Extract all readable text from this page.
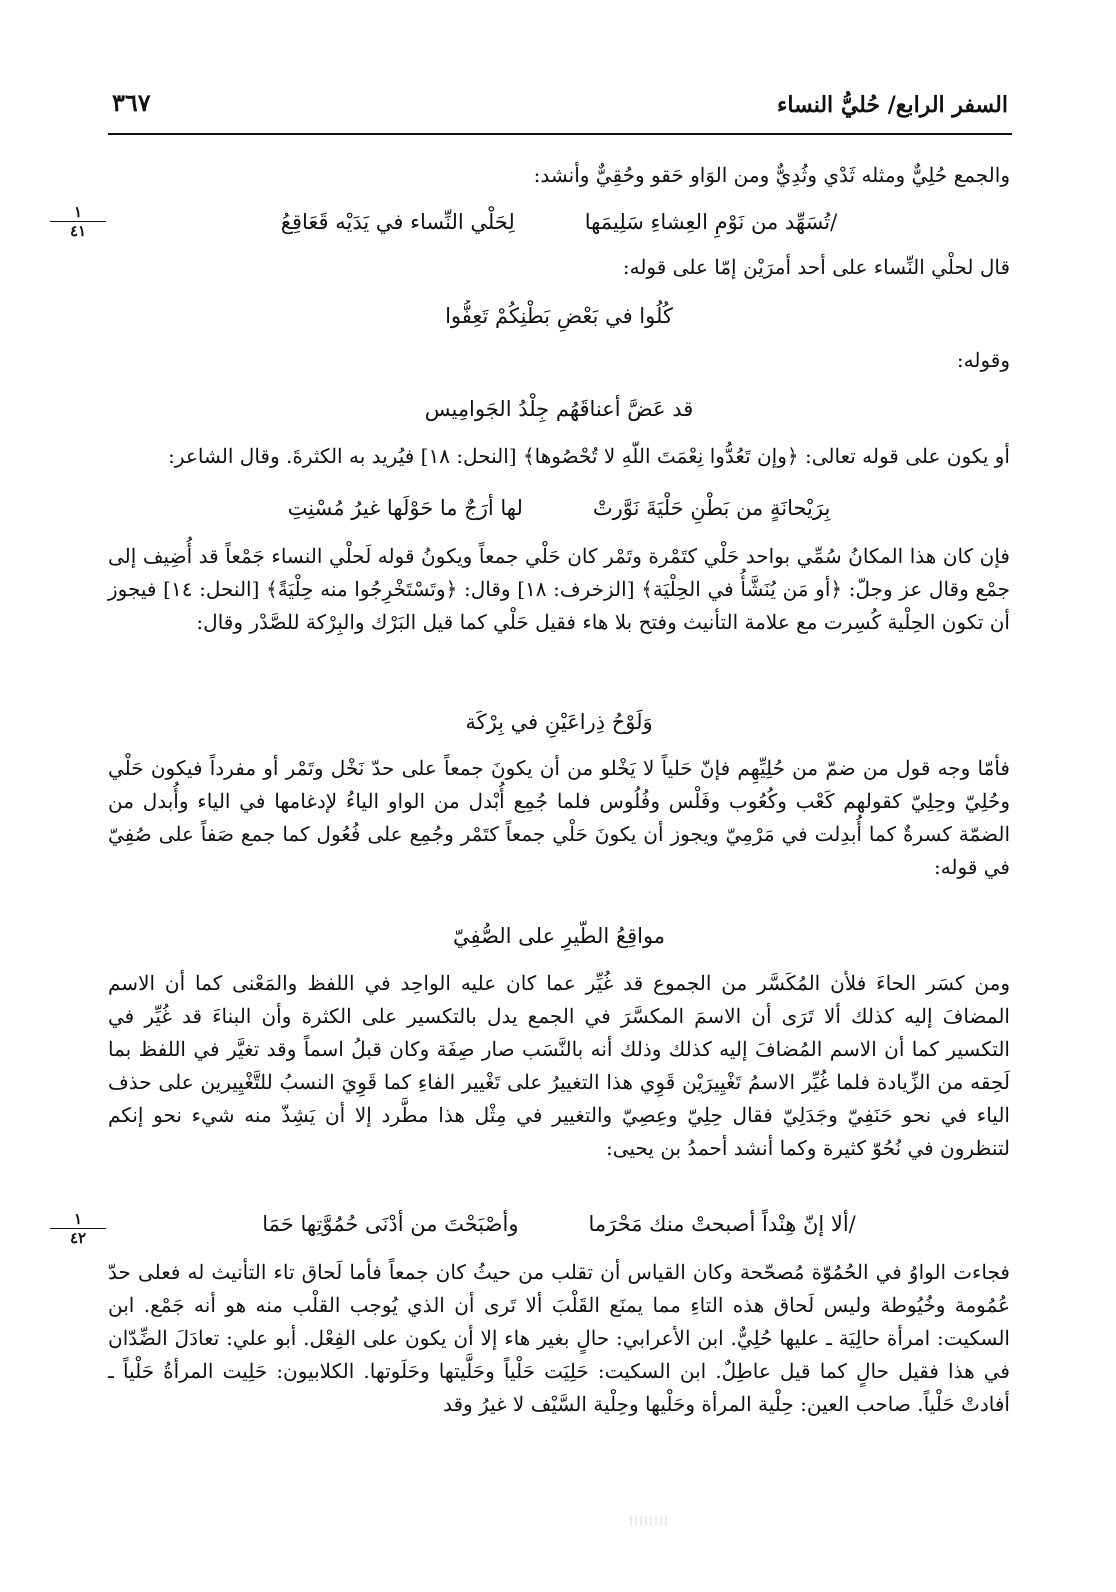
السفر الرابع/ حُليُّ النساء
٣٦٧
١
٤١
١
٤٢
والجمع حُلِيٌّ ومثله ثَدْي وثُدِيٌّ ومن الوَاو حَقو وحُقِيٌّ وأنشد:
/تُسَهِّد من نَوْمِ العِشاءِ سَلِيمَها
لِحَلْي النِّساء في يَدَيْه قَعَاقِعُ
قال لحلْي النِّساء على أحد أمرَيْن إمّا على قوله:
كُلُوا في بَعْضِ بَطْنِكُمْ تَعِفُّوا
وقوله:
قد عَضَّ أعناقَهُم جِلْدُ الجَوامِيس
أو يكون على قوله تعالى: ﴿وإن تَعُدُّوا نِعْمَتَ اللَّهِ لا تُحْصُوها﴾ [النحل: ١٨] فيُريد به الكثرةَ. وقال الشاعر:
بِرَيْحانَةٍ من بَطْنِ حَلْيَةَ نَوَّرتْ
لها أرَجٌ ما حَوْلَها غيرُ مُسْنِتِ
فإن كان هذا المكانُ سُمِّي بواحد حَلْي كتَمْرة وتَمْر كان حَلْي جمعاً ويكونُ قوله لَحلْي النساء جَمْعاً قد أُضِيف إلى جمْع وقال عز وجلّ: ﴿أو مَن يُنَشَّأُ في الحِلْيَة﴾ [الزخرف: ١٨] وقال: ﴿وتَسْتَخْرِجُوا منه حِلْيَةً﴾ [النحل: ١٤] فيجوز أن تكون الحِلْية كُسِرت مع علامة التأنيث وفتح بلا هاء فقيل حَلْي كما قيل البَرْك والبِرْكة للصَّدْر وقال:
وَلَوْحُ ذِراعَيْنِ في بِرْكَة
فأمّا وجه قول من ضمّ من حُلِيِّهِم فإنّ حَلياً لا يَخْلو من أن يكونَ جمعاً على حدّ نَخْل وتَمْر أو مفرداً فيكون حَلْي وحُلِيّ وحِلِيّ كقولهم كَعْب وكُعُوب وفَلْس وفُلُوس فلما جُمِع أُبْدل من الواو الياءُ لإدغامها في الياء وأُبدل من الضمّة كسرةٌ كما أُبدِلت في مَرْمِيّ ويجوز أن يكونَ حَلْي جمعاً كتَمْر وجُمِع على فُعُول كما جمع صَفاً على صُفِيّ في قوله:
مواقِعُ الطَّيرِ على الصُّفِيّ
ومن كسَر الحاءَ فلأن المُكَسَّر من الجموع قد غُيِّر عما كان عليه الواحِد في اللفظ والمَعْنى كما أن الاسم المضافَ إليه كذلك ألا تَرَى أن الاسمَ المكسَّرَ في الجمع يدل بالتكسير على الكثرة وأن البناءَ قد غُيِّر في التكسير كما أن الاسم المُضافَ إليه كذلك وذلك أنه بالنَّسَب صار صِفَة وكان قبلُ اسماً وقد تغيَّر في اللفظ بما لَحِقه من الزِّيادة فلما غُيِّر الاسمُ تَغْيِيرَيْن قَوِي هذا التغييرُ على تَغْيير الفاءِ كما قَوِيَ النسبُ للتَّغْيِيرين على حذف الياء في نحو حَنَفِيّ وجَدَلِيّ فقال حِلِيّ وعِصِيّ والتغيير في مِثْل هذا مطَّرد إلا أن يَشِذّ منه شيء نحو إنكم لتنظرون في نُحُوّ كثيرة وكما أنشد أحمدُ بن يحيى:
/ألا إنّ هِنْداً أصبحتْ منك مَحْرَما
وأصْبَحْتَ من أدْنَى حُمُوَّتِها حَمَا
فجاءت الواوُ في الحُمُوّة مُصحّحة وكان القياس أن تقلب من حيثُ كان جمعاً فأما لَحاق تاء التأنيث له فعلى حدّ عُمُومة وخُيُوطة وليس لَحاق هذه التاءِ مما يمنَع القَلْبَ ألا تَرى أن الذي يُوجب القلْب منه هو أنه جَمْع. ابن السكيت: امرأة حالِيَة ـ عليها حُلِيٌّ. ابن الأعرابي: حالٍ بغير هاء إلا أن يكون على الفِعْل. أبو علي: تعادَلَ الضِّدّان في هذا فقيل حالٍ كما قيل عاطِلٌ. ابن السكيت: حَلِيَت حَلْياً وحَلَّيتها وحَلَوتها. الكلابيون: حَلِيت المرأةُ حَلْياً ـ أفادتْ حَلْياً. صاحب العين: حِلْية المرأة وحَلْيها وحِلْية السَّيْف لا غيرُ وقد
